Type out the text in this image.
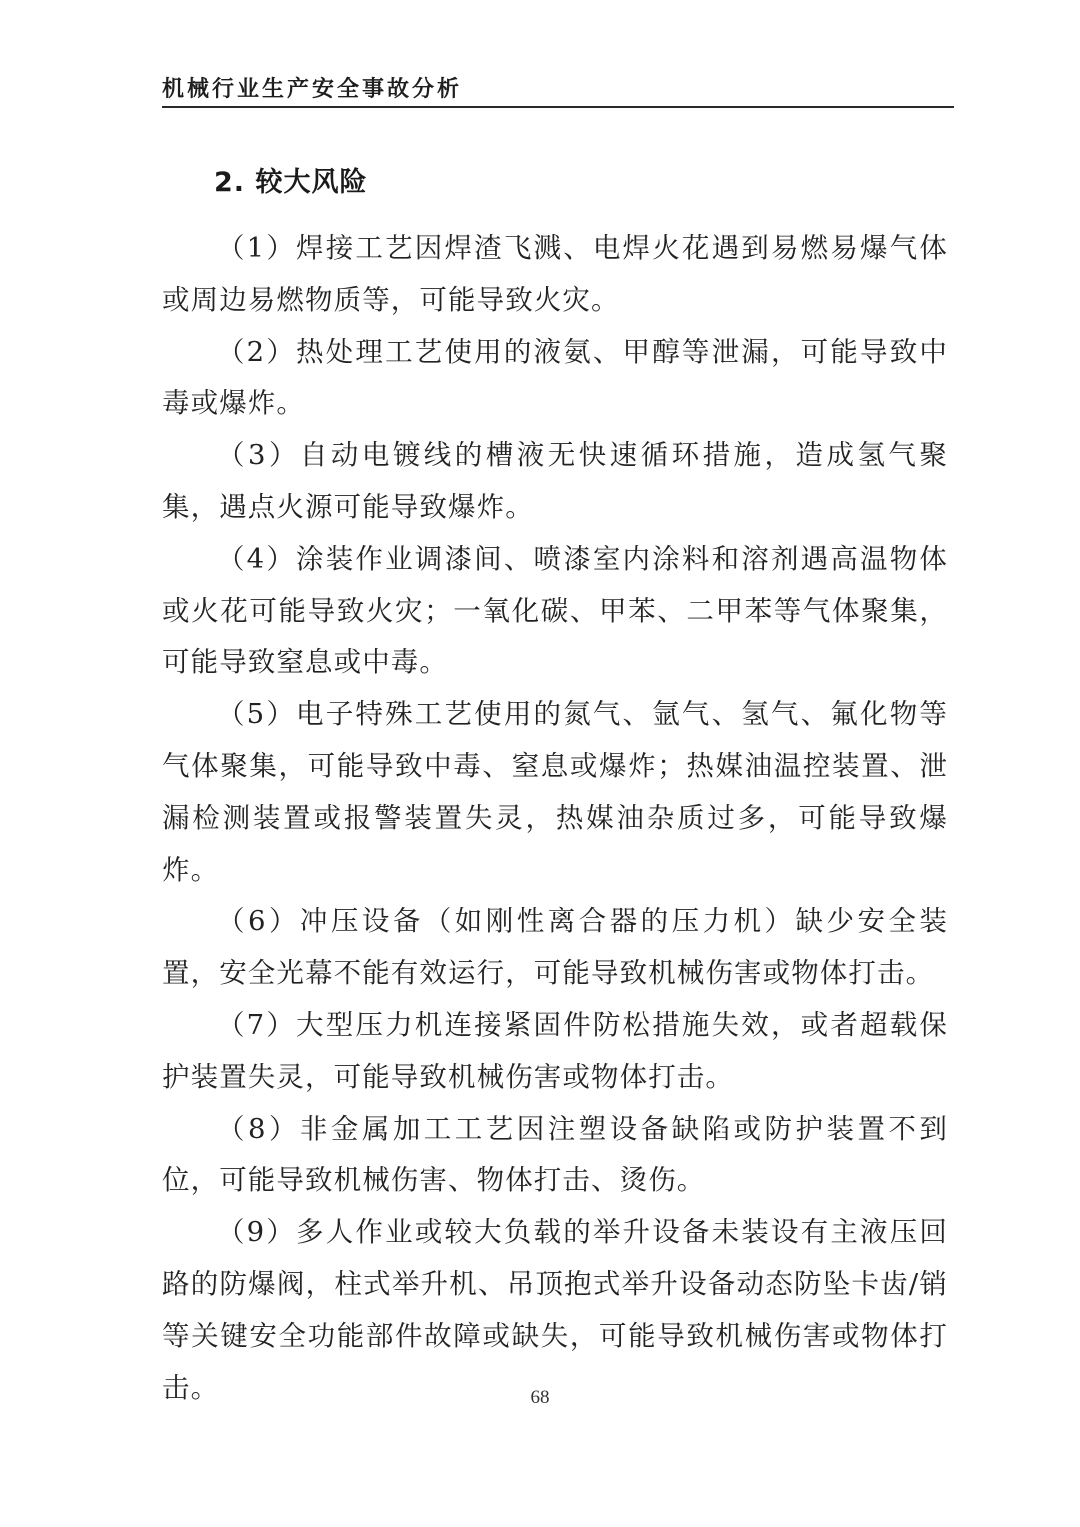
机械行业生产安全事故分析
2. 较大风险

（1）焊接工艺因焊渣飞溅、电焊火花遇到易燃易爆气体或周边易燃物质等，可能导致火灾。

（2）热处理工艺使用的液氨、甲醇等泄漏，可能导致中毒或爆炸。

（3）自动电镀线的槽液无快速循环措施，造成氢气聚集，遇点火源可能导致爆炸。

（4）涂装作业调漆间、喷漆室内涂料和溶剂遇高温物体或火花可能导致火灾；一氧化碳、甲苯、二甲苯等气体聚集，可能导致窒息或中毒。

（5）电子特殊工艺使用的氮气、氩气、氢气、氟化物等气体聚集，可能导致中毒、窒息或爆炸；热媒油温控装置、泄漏检测装置或报警装置失灵，热媒油杂质过多，可能导致爆炸。

（6）冲压设备（如刚性离合器的压力机）缺少安全装置，安全光幕不能有效运行，可能导致机械伤害或物体打击。

（7）大型压力机连接紧固件防松措施失效，或者超载保护装置失灵，可能导致机械伤害或物体打击。

（8）非金属加工工艺因注塑设备缺陷或防护装置不到位，可能导致机械伤害、物体打击、烫伤。

（9）多人作业或较大负载的举升设备未装设有主液压回路的防爆阀，柱式举升机、吊顶抱式举升设备动态防坠卡齿/销等关键安全功能部件故障或缺失，可能导致机械伤害或物体打击。	68
